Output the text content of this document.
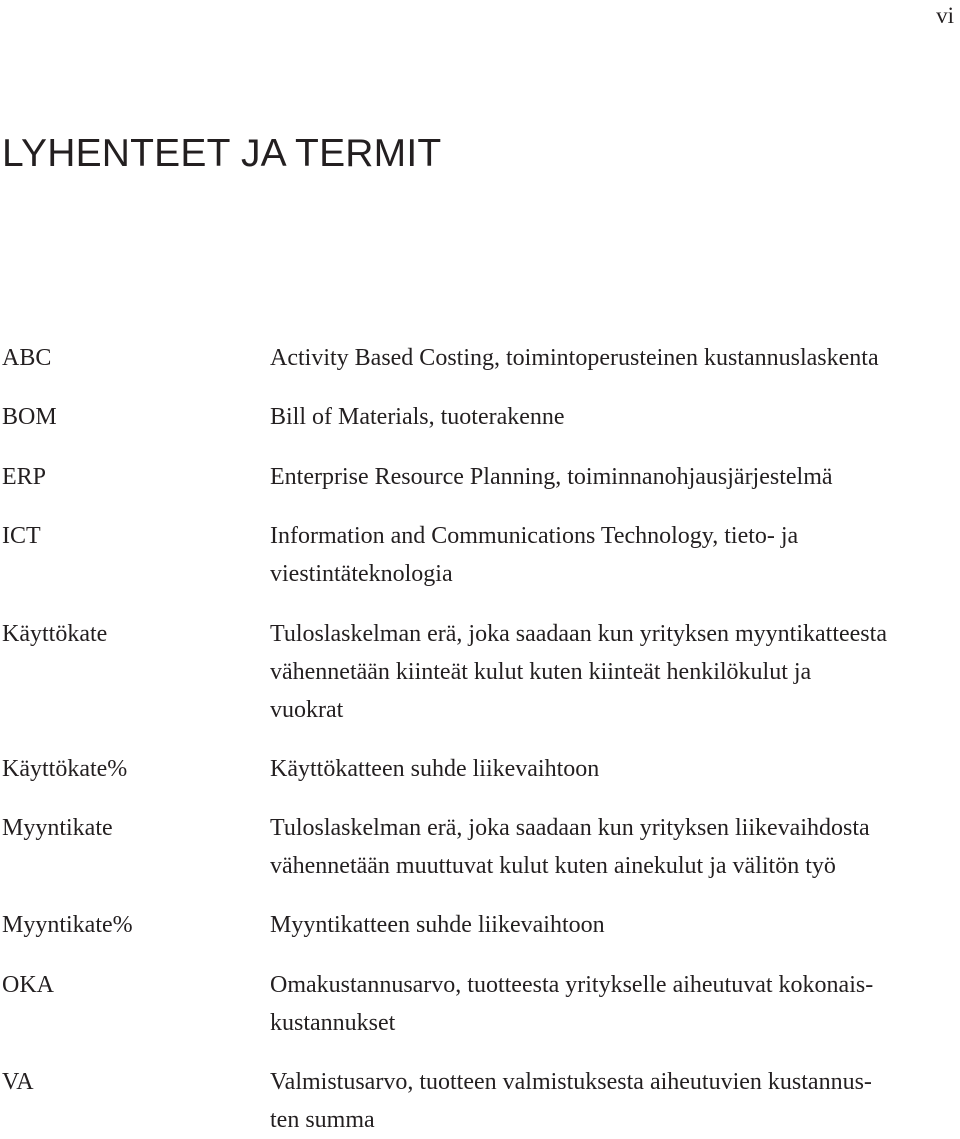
vi
LYHENTEET JA TERMIT
ABC	Activity Based Costing, toimintoperusteinen kustannuslaskenta
BOM	Bill of Materials, tuoterakenne
ERP	Enterprise Resource Planning, toiminnanohjausjärjestelmä
ICT	Information and Communications Technology, tieto- ja
viestintäteknologia
Käyttökate	Tuloslaskelman erä, joka saadaan kun yrityksen myyntikatteesta vähennetään kiinteät kulut kuten kiinteät henkilökulut ja
vuokrat
Käyttökate%	Käyttökatteen suhde liikevaihtoon
Myyntikate	Tuloslaskelman erä, joka saadaan kun yrityksen liikevaihdosta
vähennetään muuttuvat kulut kuten ainekulut ja välitön työ
Myyntikate%	Myyntikatteen suhde liikevaihtoon
OKA	Omakustannusarvo, tuotteesta yritykselle aiheutuvat kokonais-
kustannukset
VA	Valmistusarvo, tuotteen valmistuksesta aiheutuvien kustannus-
ten summa
